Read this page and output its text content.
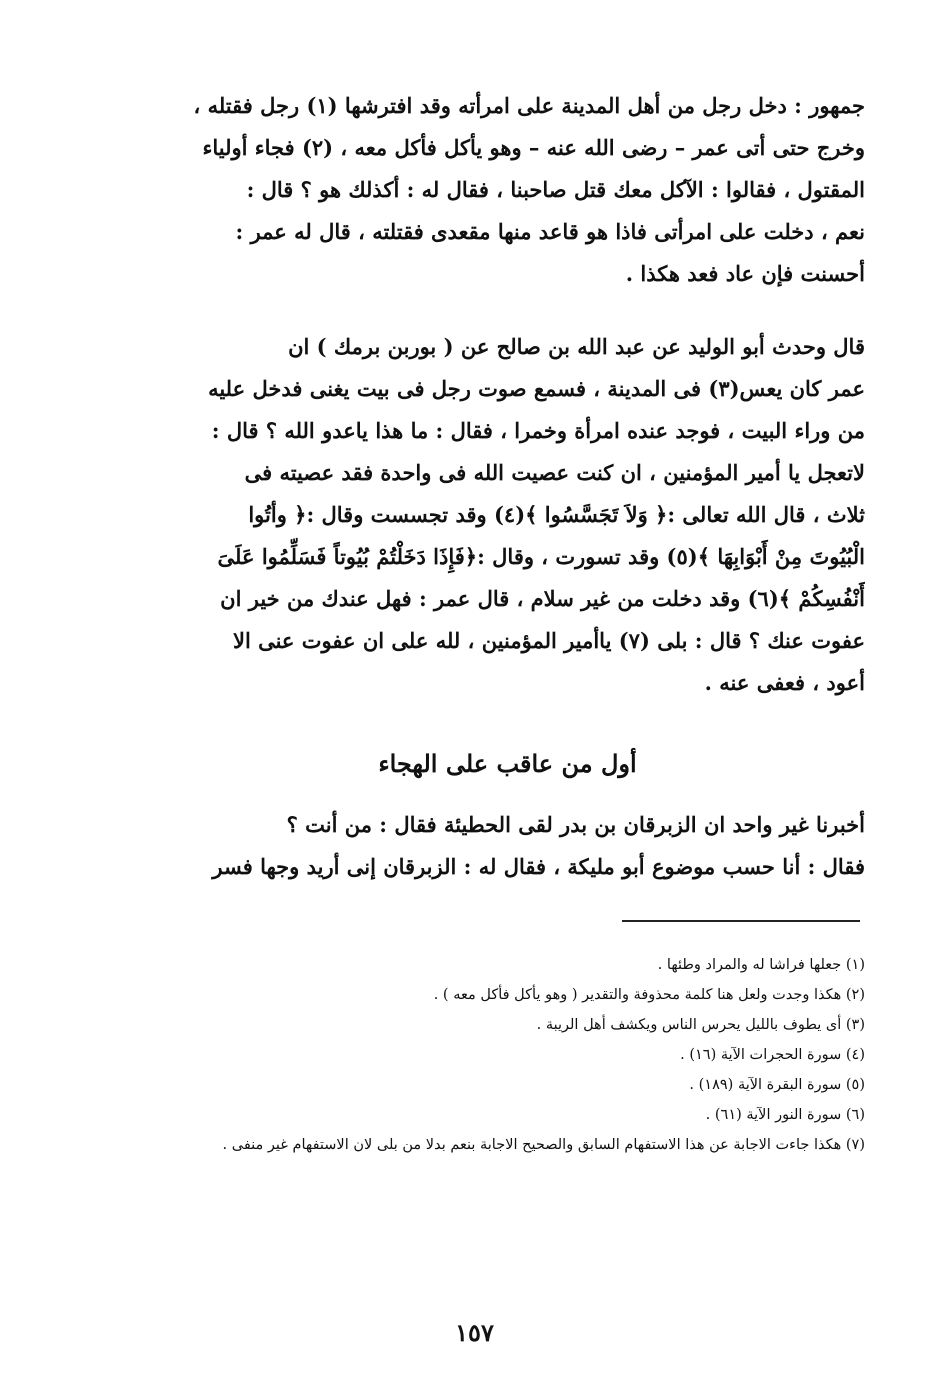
جمهور : دخل رجل من أهل المدينة على امرأته وقد افترشها (١) رجل فقتله ،
وخرج حتى أتى عمر – رضى الله عنه – وهو يأكل فأكل معه ، (٢) فجاء أولياء
المقتول ، فقالوا : الآكل معك قتل صاحبنا ، فقال له : أكذلك هو ؟ قال :
نعم ، دخلت على امرأتى فاذا هو قاعد منها مقعدى فقتلته ، قال له عمر :
أحسنت فإن عاد فعد هكذا .
قال وحدث أبو الوليد عن عبد الله بن صالح عن ( بوربن برمك ) ان
عمر كان يعس(٣) فى المدينة ، فسمع صوت رجل فى بيت يغنى فدخل عليه
من وراء البيت ، فوجد عنده امرأة وخمرا ، فقال : ما هذا ياعدو الله ؟ قال :
لاتعجل يا أمير المؤمنين ، ان كنت عصيت الله فى واحدة فقد عصيته فى
ثلاث ، قال الله تعالى :﴿ وَلاَ تَجَسَّسُوا ﴾(٤) وقد تجسست وقال :﴿ وأتُوا
الْبُيُوتَ مِنْ أَبْوَابِهَا ﴾(٥) وقد تسورت ، وقال :﴿فَإِذَا دَخَلْتُمْ بُيُوتاً فَسَلِّمُوا عَلَىَ
أَنْفُسِكُمْ ﴾(٦) وقد دخلت من غير سلام ، قال عمر : فهل عندك من خير ان
عفوت عنك ؟ قال : بلى (٧) ياأمير المؤمنين ، لله على ان عفوت عنى الا
أعود ، فعفى عنه .
أول من عاقب على الهجاء
أخبرنا غير واحد ان الزبرقان بن بدر لقى الحطيئة فقال : من أنت ؟
فقال : أنا حسب موضوع أبو مليكة ، فقال له : الزبرقان إنى أريد وجها فسر
(١) جعلها فراشا له والمراد وطئها .
(٢) هكذا وجدت ولعل هنا كلمة محذوفة والتقدير ( وهو يأكل فأكل معه ) .
(٣) أى يطوف بالليل يحرس الناس ويكشف أهل الريبة .
(٤) سورة الحجرات الآية (١٦) .
(٥) سورة البقرة الآية (١٨٩) .
(٦) سورة النور الآية (٦١) .
(٧) هكذا جاءت الاجابة عن هذا الاستفهام السابق والصحيح الاجابة بنعم بدلا من بلى لان الاستفهام غير منفى .
١٥٧
